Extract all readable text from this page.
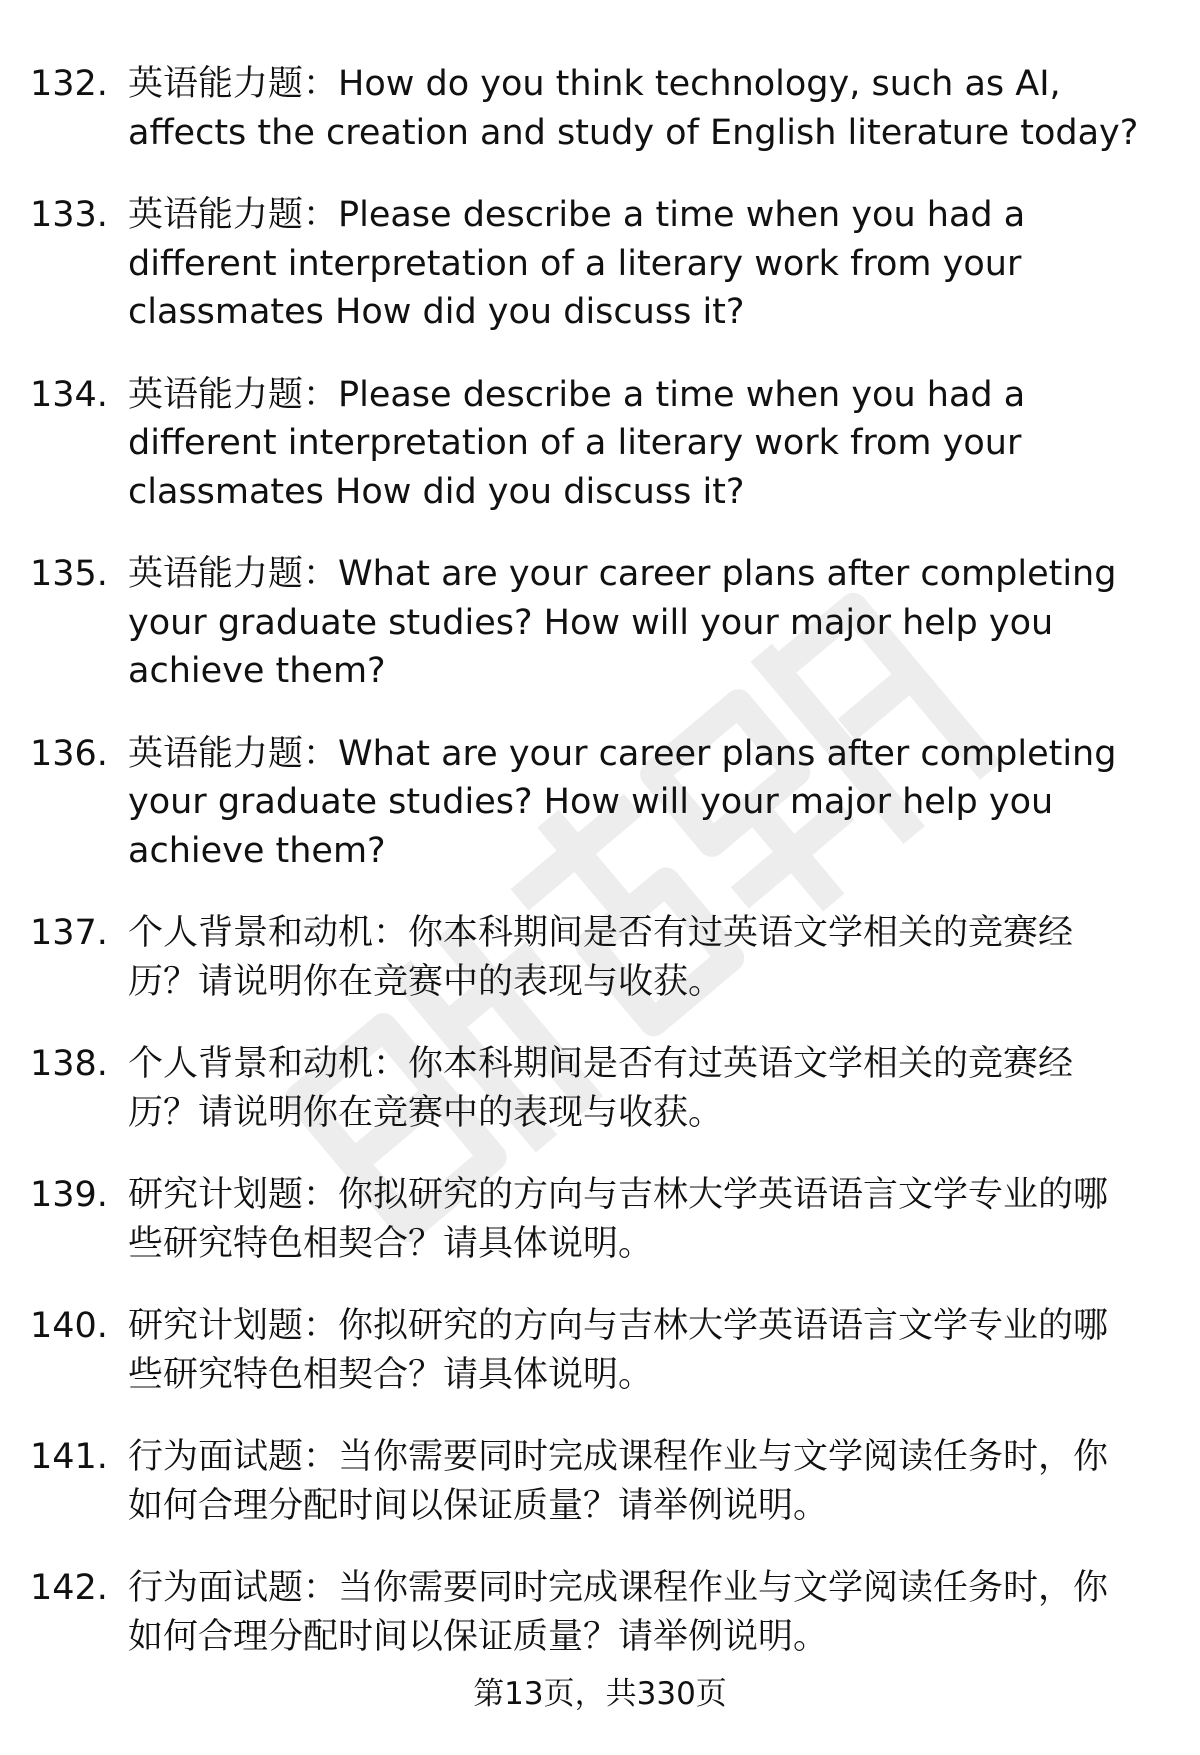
132. 英语能力题：How do you think technology, such as AI,
affects the creation and study of English literature today?
133. 英语能力题：Please describe a time when you had a
different interpretation of a literary work from your
classmates How did you discuss it?
134. 英语能力题：Please describe a time when you had a
different interpretation of a literary work from your
classmates How did you discuss it?
135. 英语能力题：What are your career plans after completing
your graduate studies? How will your major help you
achieve them?
136. 英语能力题：What are your career plans after completing
your graduate studies? How will your major help you
achieve them?
137. 个人背景和动机：你本科期间是否有过英语文学相关的竞赛经
历？请说明你在竞赛中的表现与收获。
138. 个人背景和动机：你本科期间是否有过英语文学相关的竞赛经
历？请说明你在竞赛中的表现与收获。
139. 研究计划题：你拟研究的方向与吉林大学英语语言文学专业的哪
些研究特色相契合？请具体说明。
140. 研究计划题：你拟研究的方向与吉林大学英语语言文学专业的哪
些研究特色相契合？请具体说明。
141. 行为面试题：当你需要同时完成课程作业与文学阅读任务时，你
如何合理分配时间以保证质量？请举例说明。
142. 行为面试题：当你需要同时完成课程作业与文学阅读任务时，你
如何合理分配时间以保证质量？请举例说明。
第13页，共330页
